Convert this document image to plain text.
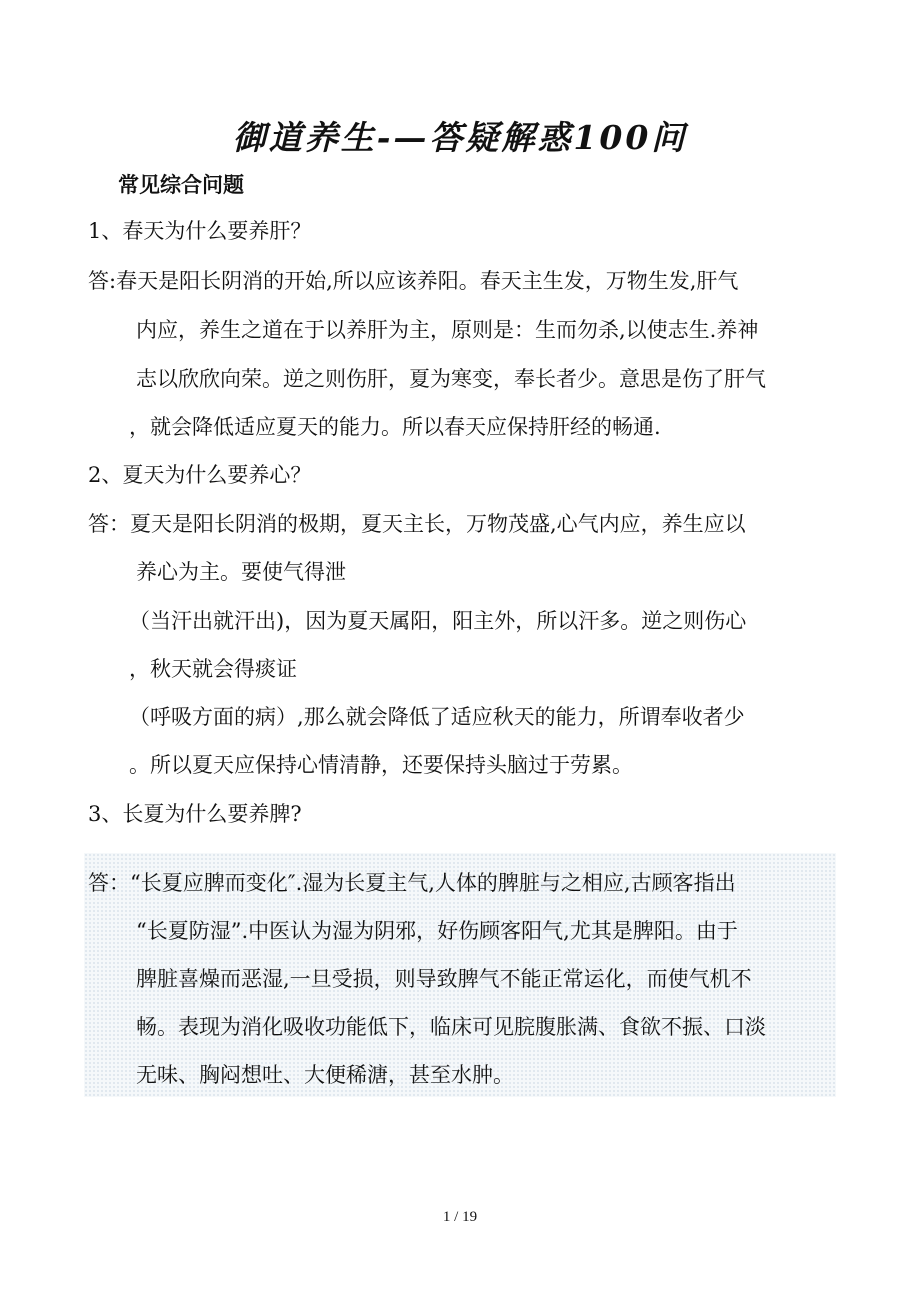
御道养生-—答疑解惑100问
常见综合问题
1、春天为什么要养肝？
答:春天是阳长阴消的开始,所以应该养阳。春天主生发，万物生发,肝气
内应，养生之道在于以养肝为主，原则是：生而勿杀,以使志生.养神
志以欣欣向荣。逆之则伤肝，夏为寒变，奉长者少。意思是伤了肝气
，就会降低适应夏天的能力。所以春天应保持肝经的畅通.
2、夏天为什么要养心？
答：夏天是阳长阴消的极期，夏天主长，万物茂盛,心气内应，养生应以
养心为主。要使气得泄
（当汗出就汗出)，因为夏天属阳，阳主外，所以汗多。逆之则伤心
，秋天就会得痰证
（呼吸方面的病）,那么就会降低了适应秋天的能力，所谓奉收者少
。所以夏天应保持心情清静，还要保持头脑过于劳累。
3、长夏为什么要养脾?
答：“长夏应脾而变化″.湿为长夏主气,人体的脾脏与之相应,古顾客指出
“长夏防湿”.中医认为湿为阴邪，好伤顾客阳气,尤其是脾阳。由于
脾脏喜燥而恶湿,一旦受损，则导致脾气不能正常运化，而使气机不
畅。表现为消化吸收功能低下，临床可见脘腹胀满、食欲不振、口淡
无味、胸闷想吐、大便稀溏，甚至水肿。
1 / 19
